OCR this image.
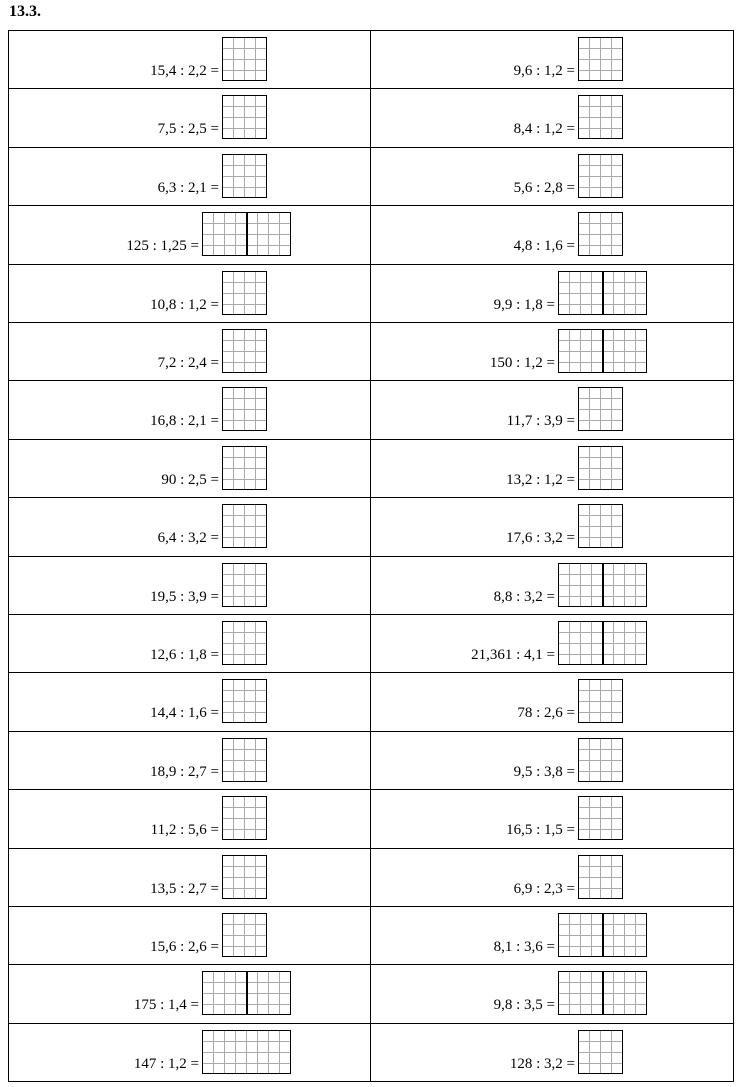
13.3.
15,4 : 2,2 =	9,6 : 1,2 =
7,5 : 2,5 =	8,4 : 1,2 =
6,3 : 2,1 =	5,6 : 2,8 =
125 : 1,25 =	4,8 : 1,6 =
10,8 : 1,2 =	9,9 : 1,8 =
7,2 : 2,4 =	150 : 1,2 =
16,8 : 2,1 =	11,7 : 3,9 =
90 : 2,5 =	13,2 : 1,2 =
6,4 : 3,2 =	17,6 : 3,2 =
19,5 : 3,9 =	8,8 : 3,2 =
12,6 : 1,8 =	21,361 : 4,1 =
14,4 : 1,6 =	78 : 2,6 =
18,9 : 2,7 =	9,5 : 3,8 =
11,2 : 5,6 =	16,5 : 1,5 =
13,5 : 2,7 =	6,9 : 2,3 =
15,6 : 2,6 =	8,1 : 3,6 =
175 : 1,4 =	9,8 : 3,5 =
147 : 1,2 =	128 : 3,2 =
